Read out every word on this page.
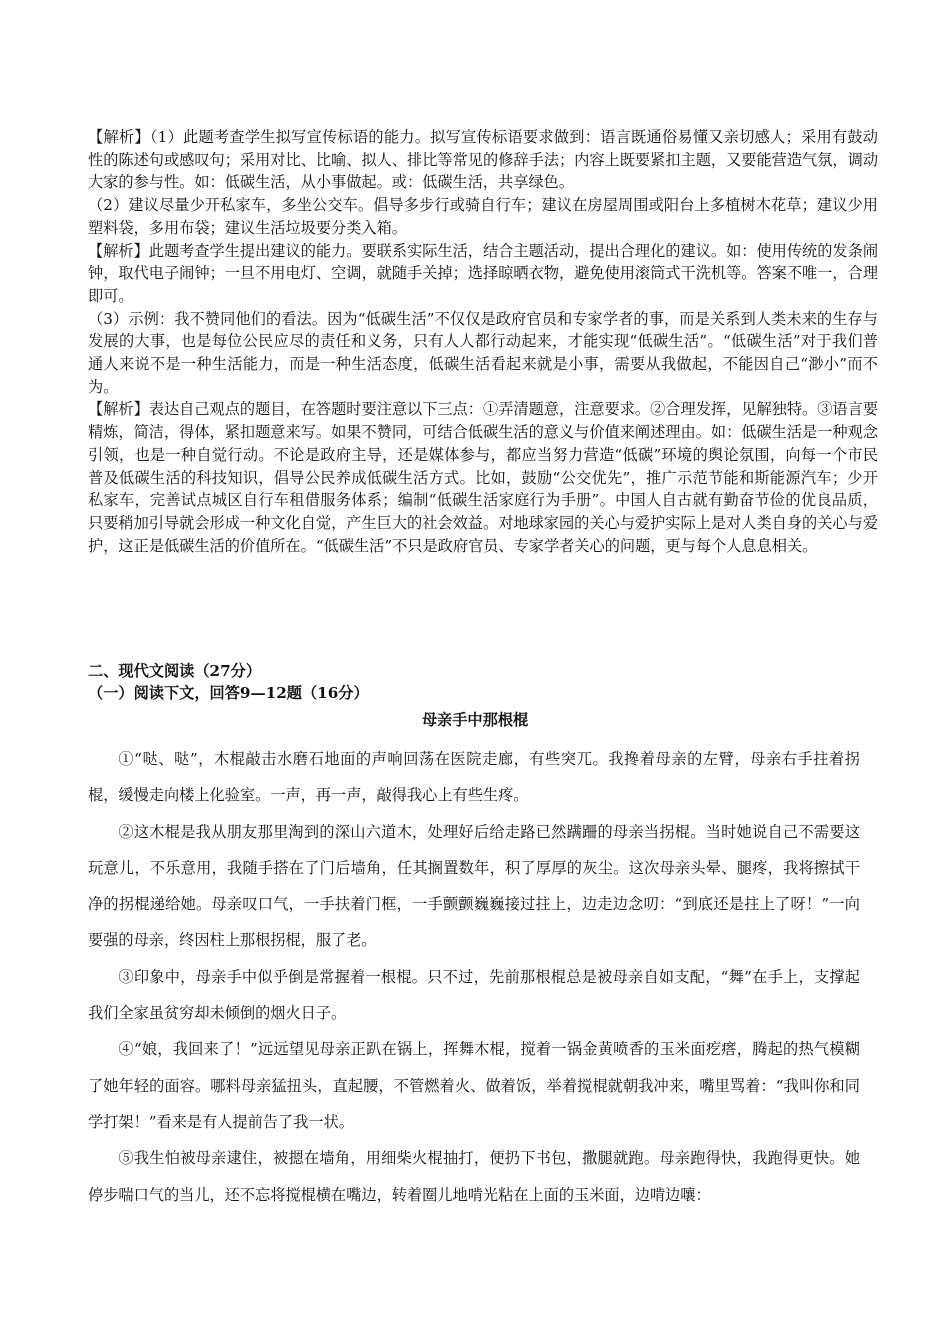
【解析】（1）此题考查学生拟写宣传标语的能力。拟写宣传标语要求做到：语言既通俗易懂又亲切感人；采用有鼓动性的陈述句或感叹句；采用对比、比喻、拟人、排比等常见的修辞手法；内容上既要紧扣主题，又要能营造气氛，调动大家的参与性。如：低碳生活，从小事做起。或：低碳生活，共享绿色。

（2）建议尽量少开私家车，多坐公交车。倡导多步行或骑自行车；建议在房屋周围或阳台上多植树木花草；建议少用塑料袋，多用布袋；建议生活垃圾要分类入箱。

【解析】此题考查学生提出建议的能力。要联系实际生活，结合主题活动，提出合理化的建议。如：使用传统的发条闹钟，取代电子闹钟；一旦不用电灯、空调，就随手关掉；选择晾晒衣物，避免使用滚筒式干洗机等。答案不唯一，合理即可。

（3）示例：我不赞同他们的看法。因为“低碳生活”不仅仅是政府官员和专家学者的事，而是关系到人类未来的生存与发展的大事，也是每位公民应尽的责任和义务，只有人人都行动起来，才能实现“低碳生活”。“低碳生活”对于我们普通人来说不是一种生活能力，而是一种生活态度，低碳生活看起来就是小事，需要从我做起，不能因自己“渺小”而不为。

【解析】表达自己观点的题目，在答题时要注意以下三点：①弄清题意，注意要求。②合理发挥，见解独特。③语言要精炼，简洁，得体，紧扣题意来写。如果不赞同，可结合低碳生活的意义与价值来阐述理由。如：低碳生活是一种观念引领，也是一种自觉行动。不论是政府主导，还是媒体参与，都应当努力营造“低碳”环境的舆论氛围，向每一个市民普及低碳生活的科技知识，倡导公民养成低碳生活方式。比如，鼓励“公交优先”，推广示范节能和斯能源汽车；少开私家车，完善试点城区自行车租借服务体系；编制“低碳生活家庭行为手册”。中国人自古就有勤奋节俭的优良品质，只要稍加引导就会形成一种文化自觉，产生巨大的社会效益。对地球家园的关心与爱护实际上是对人类自身的关心与爱护，这正是低碳生活的价值所在。“低碳生活”不只是政府官员、专家学者关心的问题，更与每个人息息相关。

二、现代文阅读（27分）

（一）阅读下文，回答9—12题（16分）

母亲手中那根棍

①“哒、哒”，木棍敲击水磨石地面的声响回荡在医院走廊，有些突兀。我搀着母亲的左臂，母亲右手拄着拐棍，缓慢走向楼上化验室。一声，再一声，敲得我心上有些生疼。

②这木棍是我从朋友那里淘到的深山六道木，处理好后给走路已然蹒跚的母亲当拐棍。当时她说自己不需要这玩意儿，不乐意用，我随手搭在了门后墙角，任其搁置数年，积了厚厚的灰尘。这次母亲头晕、腿疼，我将擦拭干净的拐棍递给她。母亲叹口气，一手扶着门框，一手颤颤巍巍接过拄上，边走边念叨：“到底还是拄上了呀！”一向要强的母亲，终因柱上那根拐棍，服了老。

③印象中，母亲手中似乎倒是常握着一根棍。只不过，先前那根棍总是被母亲自如支配，“舞”在手上，支撑起我们全家虽贫穷却未倾倒的烟火日子。

④“娘，我回来了！”远远望见母亲正趴在锅上，挥舞木棍，搅着一锅金黄喷香的玉米面疙瘩，腾起的热气模糊了她年轻的面容。哪料母亲猛扭头，直起腰，不管燃着火、做着饭，举着搅棍就朝我冲来，嘴里骂着：“我叫你和同学打架！”看来是有人提前告了我一状。

⑤我生怕被母亲逮住，被摁在墙角，用细柴火棍抽打，便扔下书包，撒腿就跑。母亲跑得快，我跑得更快。她停步喘口气的当儿，还不忘将搅棍横在嘴边，转着圈儿地啃光粘在上面的玉米面，边啃边嚷：
